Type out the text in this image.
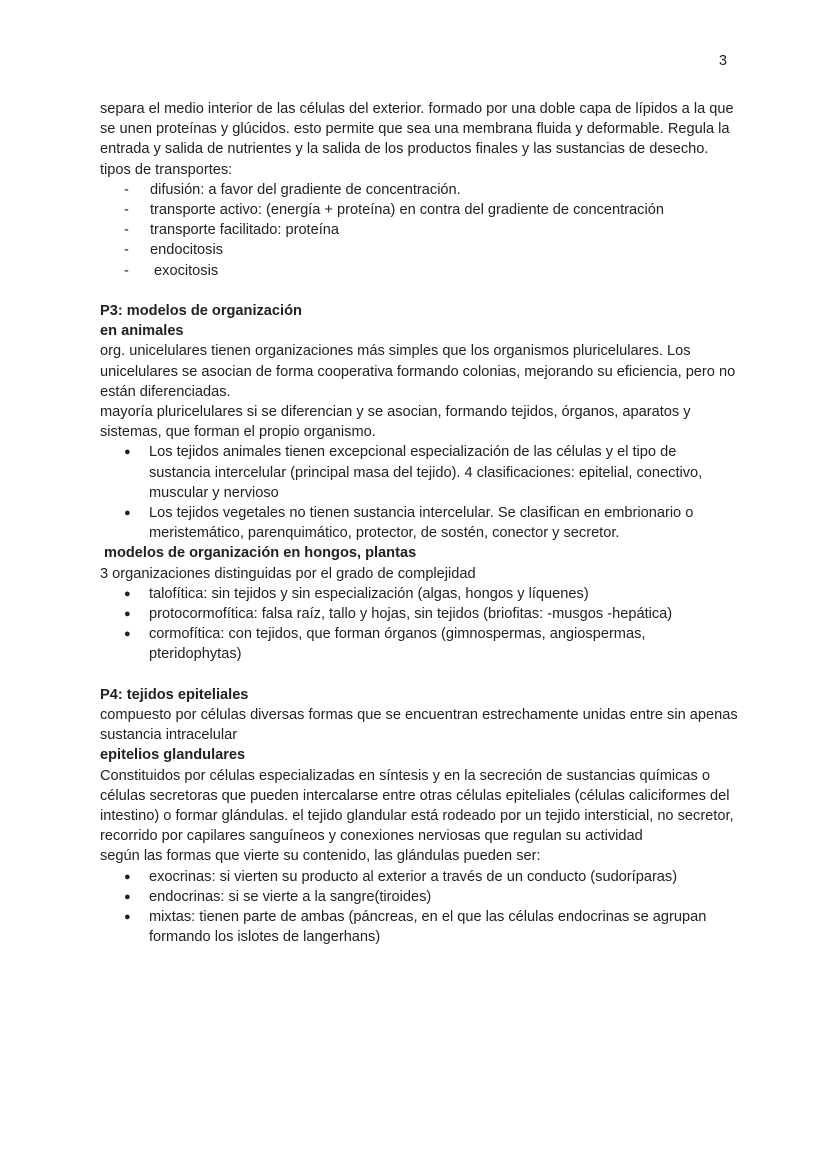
3

separa el medio interior de las células del exterior. formado por una doble capa de lípidos a la que se unen proteínas y glúcidos. esto permite que sea una membrana fluida y deformable. Regula la entrada y salida de nutrientes y la salida de los productos finales y las sustancias de desecho.

tipos de transportes:

- difusión: a favor del gradiente de concentración.
- transporte activo: (energía + proteína) en contra del gradiente de concentración
- transporte facilitado: proteína
- endocitosis
- exocitosis

P3: modelos de organización

en animales

org. unicelulares tienen organizaciones más simples que los organismos pluricelulares. Los unicelulares se asocian de forma cooperativa formando colonias, mejorando su eficiencia, pero no están diferenciadas.

mayoría pluricelulares si se diferencian y se asocian, formando tejidos, órganos, aparatos y sistemas, que forman el propio organismo.

● Los tejidos animales tienen excepcional especialización de las células y el tipo de sustancia intercelular (principal masa del tejido). 4 clasificaciones: epitelial, conectivo, muscular y nervioso
● Los tejidos vegetales no tienen sustancia intercelular. Se clasifican en embrionario o meristemático, parenquimático, protector, de sostén, conector y secretor.

modelos de organización en hongos, plantas

3 organizaciones distinguidas por el grado de complejidad

● talofítica: sin tejidos y sin especialización (algas, hongos y líquenes)
● protocormofítica: falsa raíz, tallo y hojas, sin tejidos (briofitas: -musgos -hepática)
● cormofítica: con tejidos, que forman órganos (gimnospermas, angiospermas, pteridophytas)

P4: tejidos epiteliales

compuesto por células diversas formas que se encuentran estrechamente unidas entre sin apenas sustancia intracelular

epitelios glandulares

Constituidos por células especializadas en síntesis y en la secreción de sustancias químicas o células secretoras que pueden intercalarse entre otras células epiteliales (células caliciformes del intestino) o formar glándulas. el tejido glandular está rodeado por un tejido intersticial, no secretor, recorrido por capilares sanguíneos y conexiones nerviosas que regulan su actividad

según las formas que vierte su contenido, las glándulas pueden ser:

● exocrinas: si vierten su producto al exterior a través de un conducto (sudoríparas)
● endocrinas: si se vierte a la sangre(tiroides)
● mixtas: tienen parte de ambas (páncreas, en el que las células endocrinas se agrupan formando los islotes de langerhans)
